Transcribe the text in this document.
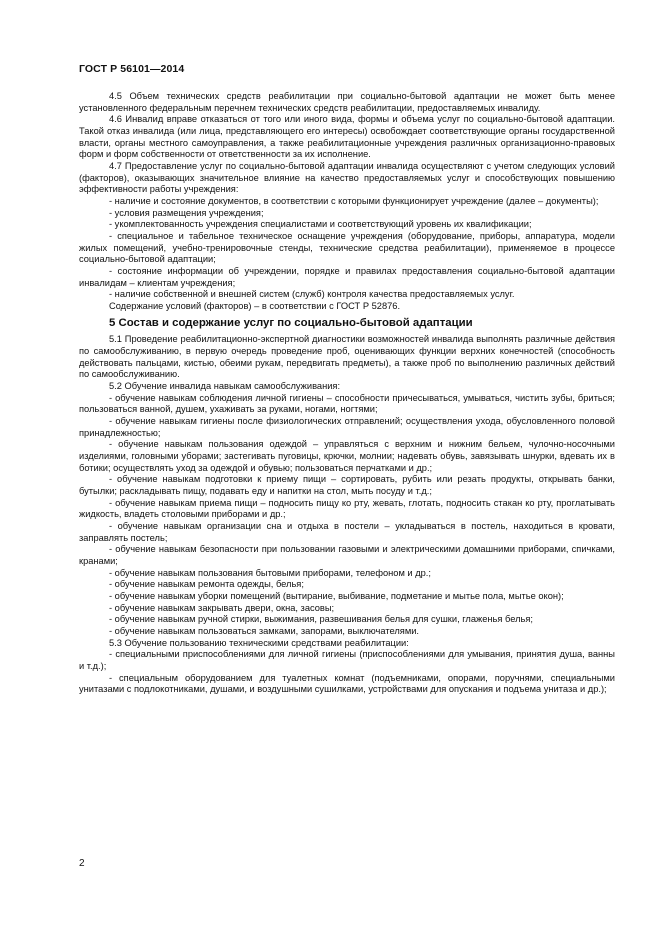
ГОСТ Р 56101—2014

4.5 Объем технических средств реабилитации при социально-бытовой адаптации не может быть менее установленного федеральным перечнем технических средств реабилитации, предоставляемых инвалиду.

4.6 Инвалид вправе отказаться от того или иного вида, формы и объема услуг по социально-бытовой адаптации. Такой отказ инвалида (или лица, представляющего его интересы) освобождает соответствующие органы государственной власти, органы местного самоуправления, а также реабилитационные учреждения различных организационно-правовых форм и форм собственности от ответственности за их исполнение.

4.7 Предоставление услуг по социально-бытовой адаптации инвалида осуществляют с учетом следующих условий (факторов), оказывающих значительное влияние на качество предоставляемых услуг и способствующих повышению эффективности работы учреждения:

- наличие и состояние документов, в соответствии с которыми функционирует учреждение (далее – документы);

- условия размещения учреждения;

- укомплектованность учреждения специалистами и соответствующий уровень их квалификации;

- специальное и табельное техническое оснащение учреждения (оборудование, приборы, аппаратура, модели жилых помещений, учебно-тренировочные стенды, технические средства реабилитации), применяемое в процессе социально-бытовой адаптации;

- состояние информации об учреждении, порядке и правилах предоставления социально-бытовой адаптации инвалидам – клиентам учреждения;

- наличие собственной и внешней систем (служб) контроля качества предоставляемых услуг.

Содержание условий (факторов) – в соответствии с ГОСТ Р 52876.

5 Состав и содержание услуг по социально-бытовой адаптации

5.1 Проведение реабилитационно-экспертной диагностики возможностей инвалида выполнять различные действия по самообслуживанию, в первую очередь проведение проб, оценивающих функции верхних конечностей (способность действовать пальцами, кистью, обеими рукам, передвигать предметы), а также проб по выполнению различных действий по самообслуживанию.

5.2 Обучение инвалида навыкам самообслуживания:

- обучение навыкам соблюдения личной гигиены – способности причесываться, умываться, чистить зубы, бриться; пользоваться ванной, душем, ухаживать за руками, ногами, ногтями;

- обучение навыкам гигиены после физиологических отправлений; осуществления ухода, обусловленного половой принадлежностью;

- обучение навыкам пользования одеждой – управляться с верхним и нижним бельем, чулочно-носочными изделиями, головными уборами; застегивать пуговицы, крючки, молнии; надевать обувь, завязывать шнурки, вдевать их в ботики; осуществлять уход за одеждой и обувью; пользоваться перчатками и др.;

- обучение навыкам подготовки к приему пищи – сортировать, рубить или резать продукты, открывать банки, бутылки; раскладывать пищу, подавать еду и напитки на стол, мыть посуду и т.д.;

- обучение навыкам приема пищи – подносить пищу ко рту, жевать, глотать, подносить стакан ко рту, проглатывать жидкость, владеть столовыми приборами и др.;

- обучение навыкам организации сна и отдыха в постели – укладываться в постель, находиться в кровати, заправлять постель;

- обучение навыкам безопасности при пользовании газовыми и электрическими домашними приборами, спичками, кранами;

- обучение навыкам пользования бытовыми приборами, телефоном и др.;

- обучение навыкам ремонта одежды, белья;

- обучение навыкам уборки помещений (вытирание, выбивание, подметание и мытье пола, мытье окон);

- обучение навыкам закрывать двери, окна, засовы;

- обучение навыкам ручной стирки, выжимания, развешивания белья для сушки, глаженья белья;

- обучение навыкам пользоваться замками, запорами, выключателями.

5.3 Обучение пользованию техническими средствами реабилитации:

- специальными приспособлениями для личной гигиены (приспособлениями для умывания, принятия душа, ванны и т.д.);

- специальным оборудованием для туалетных комнат (подъемниками, опорами, поручнями, специальными унитазами с подлокотниками, душами, и воздушными сушилками, устройствами для опускания и подъема унитаза и др.);

2
